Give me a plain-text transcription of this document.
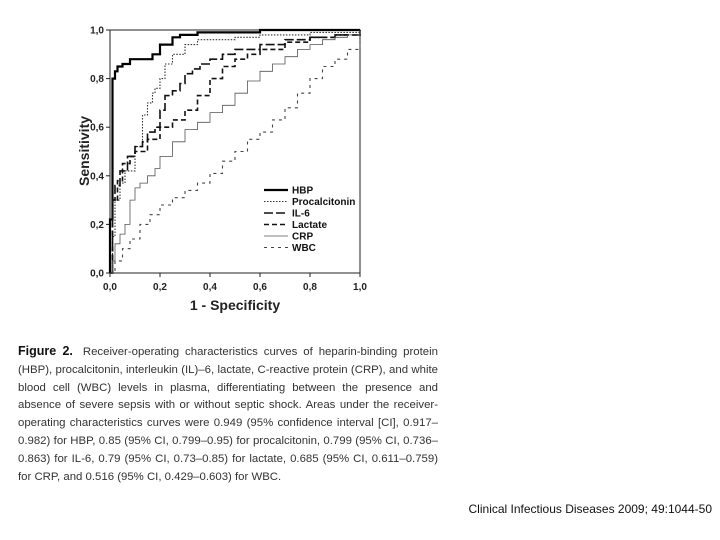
0,0	0,2	0,4	0,6	0,8	1,0
0,0
0,2
0,4
0,6
0,8
1,0
1 - Specificity
Sensitivity
HBP
Procalcitonin
IL-6
Lactate
CRP
WBC

Figure 2. Receiver-operating characteristics curves of heparin-binding protein (HBP), procalcitonin, interleukin (IL)–6, lactate, C-reactive protein (CRP), and white blood cell (WBC) levels in plasma, differentiating between the presence and absence of severe sepsis with or without septic shock. Areas under the receiver-operating characteristics curves were 0.949 (95% confidence interval [CI], 0.917–0.982) for HBP, 0.85 (95% CI, 0.799–0.95) for procalcitonin, 0.799 (95% CI, 0.736–0.863) for IL-6, 0.79 (95% CI, 0.73–0.85) for lactate, 0.685 (95% CI, 0.611–0.759) for CRP, and 0.516 (95% CI, 0.429–0.603) for WBC.

Clinical Infectious Diseases 2009; 49:1044-50
